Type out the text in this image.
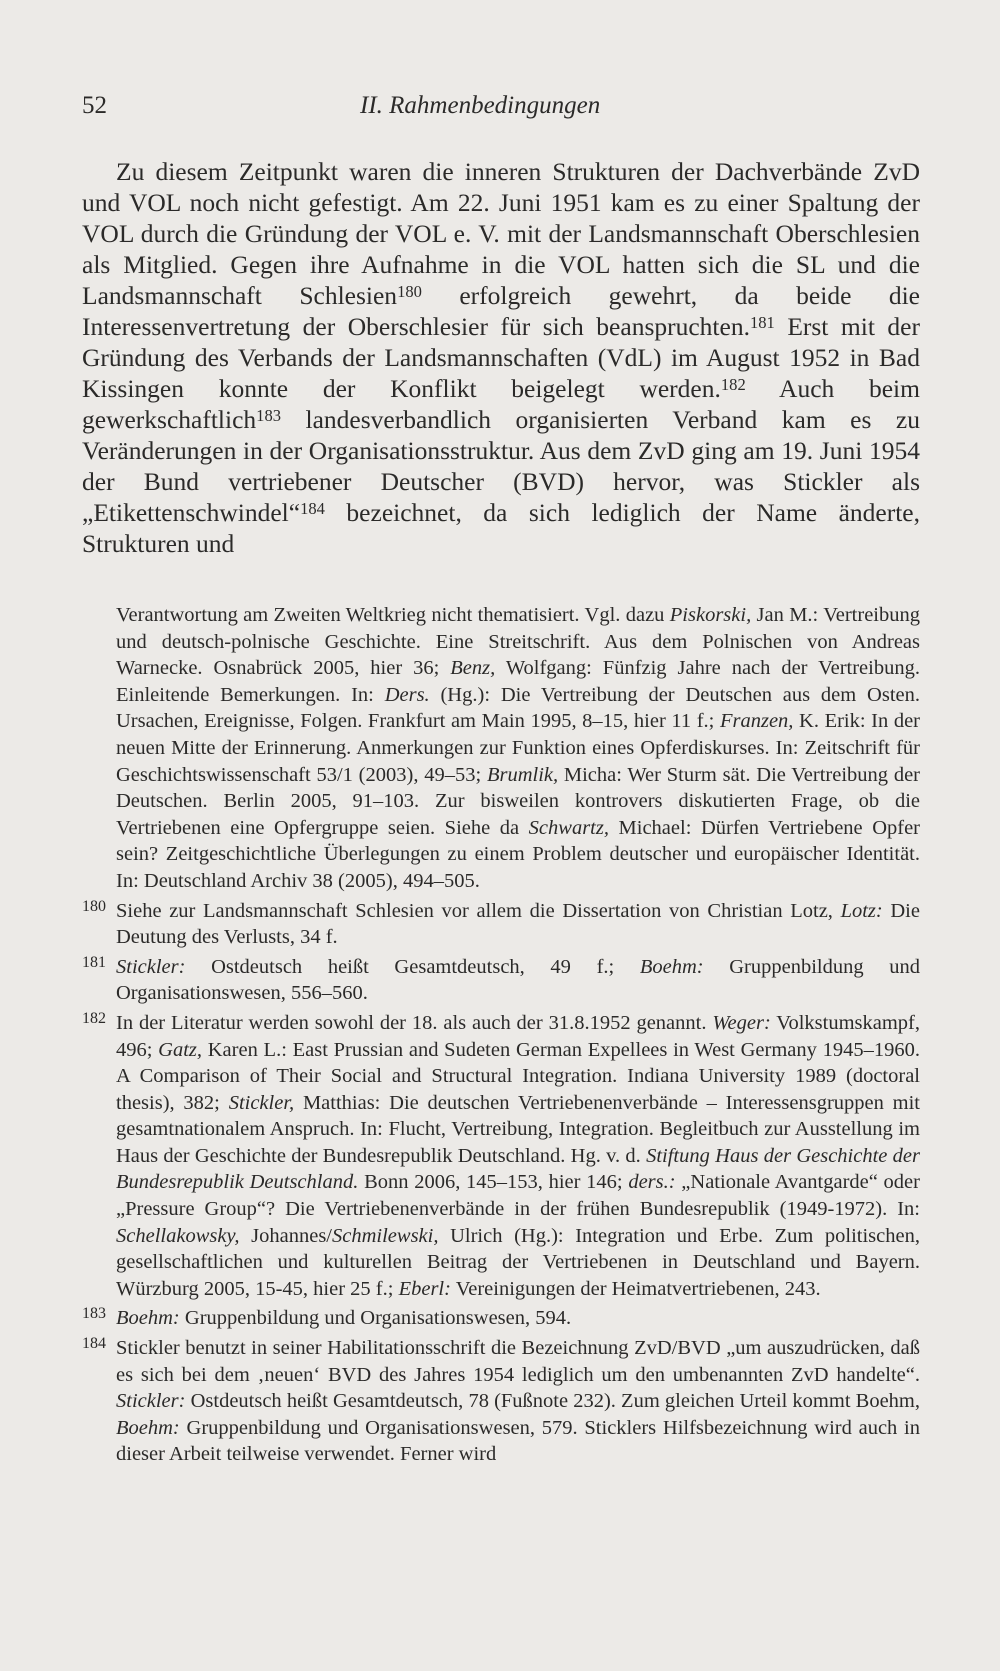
52	II. Rahmenbedingungen

Zu diesem Zeitpunkt waren die inneren Strukturen der Dachverbände ZvD und VOL noch nicht gefestigt. Am 22. Juni 1951 kam es zu einer Spaltung der VOL durch die Gründung der VOL e. V. mit der Landsmannschaft Oberschlesien als Mitglied. Gegen ihre Aufnahme in die VOL hatten sich die SL und die Landsmannschaft Schlesien$^{180}$ erfolgreich gewehrt, da beide die Interessenvertretung der Oberschlesier für sich beanspruchten.$^{181}$ Erst mit der Gründung des Verbands der Landsmannschaften (VdL) im August 1952 in Bad Kissingen konnte der Konflikt beigelegt werden.$^{182}$ Auch beim gewerkschaftlich$^{183}$ landesverbandlich organisierten Verband kam es zu Veränderungen in der Organisationsstruktur. Aus dem ZvD ging am 19. Juni 1954 der Bund vertriebener Deutscher (BVD) hervor, was Stickler als „Etikettenschwindel“$^{184}$ bezeichnet, da sich lediglich der Name änderte, Strukturen und

Verantwortung am Zweiten Weltkrieg nicht thematisiert. Vgl. dazu Piskorski, Jan M.: Vertreibung und deutsch-polnische Geschichte. Eine Streitschrift. Aus dem Polnischen von Andreas Warnecke. Osnabrück 2005, hier 36; Benz, Wolfgang: Fünfzig Jahre nach der Vertreibung. Einleitende Bemerkungen. In: Ders. (Hg.): Die Vertreibung der Deutschen aus dem Osten. Ursachen, Ereignisse, Folgen. Frankfurt am Main 1995, 8–15, hier 11 f.; Franzen, K. Erik: In der neuen Mitte der Erinnerung. Anmerkungen zur Funktion eines Opferdiskurses. In: Zeitschrift für Geschichtswissenschaft 53/1 (2003), 49–53; Brumlik, Micha: Wer Sturm sät. Die Vertreibung der Deutschen. Berlin 2005, 91–103. Zur bisweilen kontrovers diskutierten Frage, ob die Vertriebenen eine Opfergruppe seien. Siehe da Schwartz, Michael: Dürfen Vertriebene Opfer sein? Zeitgeschichtliche Überlegungen zu einem Problem deutscher und europäischer Identität. In: Deutschland Archiv 38 (2005), 494–505.

180 Siehe zur Landsmannschaft Schlesien vor allem die Dissertation von Christian Lotz, Lotz: Die Deutung des Verlusts, 34 f.

181 Stickler: Ostdeutsch heißt Gesamtdeutsch, 49 f.; Boehm: Gruppenbildung und Organisationswesen, 556–560.

182 In der Literatur werden sowohl der 18. als auch der 31.8.1952 genannt. Weger: Volkstumskampf, 496; Gatz, Karen L.: East Prussian and Sudeten German Expellees in West Germany 1945–1960. A Comparison of Their Social and Structural Integration. Indiana University 1989 (doctoral thesis), 382; Stickler, Matthias: Die deutschen Vertriebenenverbände – Interessensgruppen mit gesamtnationalem Anspruch. In: Flucht, Vertreibung, Integration. Begleitbuch zur Ausstellung im Haus der Geschichte der Bundesrepublik Deutschland. Hg. v. d. Stiftung Haus der Geschichte der Bundesrepublik Deutschland. Bonn 2006, 145–153, hier 146; ders.: „Nationale Avantgarde“ oder „Pressure Group“? Die Vertriebenenverbände in der frühen Bundesrepublik (1949-1972). In: Schellakowsky, Johannes/Schmilewski, Ulrich (Hg.): Integration und Erbe. Zum politischen, gesellschaftlichen und kulturellen Beitrag der Vertriebenen in Deutschland und Bayern. Würzburg 2005, 15-45, hier 25 f.; Eberl: Vereinigungen der Heimatvertriebenen, 243.

183 Boehm: Gruppenbildung und Organisationswesen, 594.

184 Stickler benutzt in seiner Habilitationsschrift die Bezeichnung ZvD/BVD „um auszudrücken, daß es sich bei dem ‚neuen‘ BVD des Jahres 1954 lediglich um den umbenannten ZvD handelte“. Stickler: Ostdeutsch heißt Gesamtdeutsch, 78 (Fußnote 232). Zum gleichen Urteil kommt Boehm, Boehm: Gruppenbildung und Organisationswesen, 579. Sticklers Hilfsbezeichnung wird auch in dieser Arbeit teilweise verwendet. Ferner wird
